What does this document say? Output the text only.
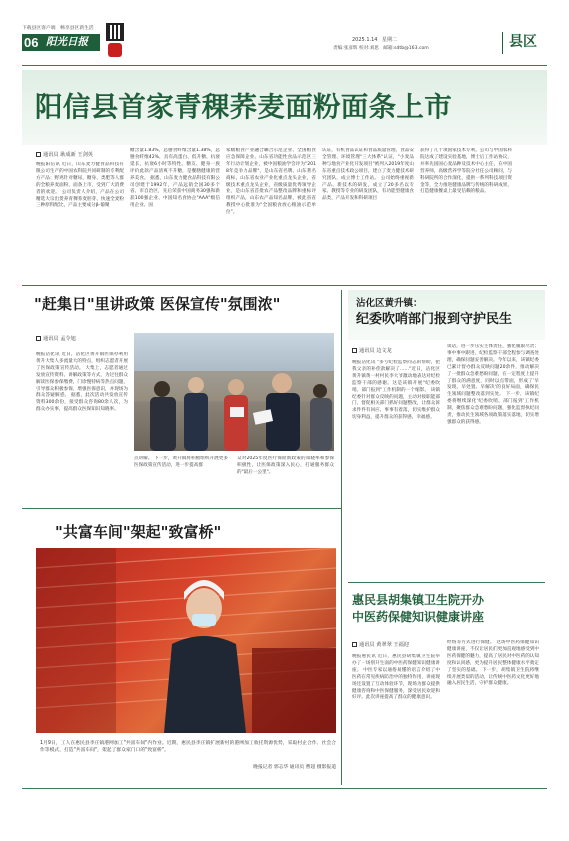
下载县区客户端 畅享县区新生活
06 阳光日报	2025.1.14 星期二
责编:张彦辉 校对:刘思 邮箱:sdtb@163.com	县区
阳信县首家青稞荞麦面粉面条上市
通讯员 耿成新 王剑英
晚报阳信讯 近日，山东麦力健食品科技有限公司生产的中国农科院共同研制的专利配方产品：野鸡针对糖尿，糖身、类肥等人群的全粮养麦面粉、面条上市，受到广大消费者的欢迎。 公司负责人介绍，产品在公司精选大宗出货养青稞荞麦胚芽、快速全麦粉三种原料配比，产品主要成分β-葡聚
糖含量1.83%，总膳食纤维含量1.38%，总膳食纤维42%，具有高蛋白、低升糖、抗衰延长，抗衰6小时等特性。糖友、健身一族评价此款产品清爽不升糖，是餐膳健康的营养美食。 据悉，山东麦力健食品科技有限公司创建于1992年，产品远销全国30多个省、市自治区，先后荣获中国商务30强和新获100强企业、中国知名食协企"AAA"级信用企业、国
家级粮食产业融合聯合示范企业、全国粮食应急保障企业、山东省功能性食品示范区三年行动计划企业，被中国粮油学会评为"2018年竞争力品牌"，是山东省名牌，山东著名商标，山东省农业产业化重点龙头企业，省级技术重点龙头企业，省级质量优秀领导企业，是山东省首批农产品整改品牌和重标评组织产品，山东农产品知名品牌，被此省省教授中心批准为"全国粮食放心粮油示范单位"。
认证，有机食品认证和食品质量管理、食品安全管理、环境管理"三大体系"认证，"小麦品种与地食产业化开发项目"被列入2019年度山东省重点技术政公项目，建立了麦力健技术研究团队，成立博士工作站。 公司始终重视新产品、新技术的研发，成立了20多名以专家、教授等专业的研发团队，有功能型健康食品类，产品开发和科研项目
获得了几十项国家技术专利。公司与中国农科院达成了建设实验基地，博士后工作站协议，并率先国国心麦品种及技术中心主任，在中国营养师，高级营养学等院分社任公司顾问，与科研院所的合作深化，提供一系列科技项目资金等，全力推进健康品牌与传统的科研成果，打造健康餐桌上最受信赖的粮品。
"赶集日"里讲政策 医保宣传"氛围浓"
通讯员 孟令旭
晚报沾化讯 近日，沾化区黄升镇医保办利用黄升大集人多流量大的特点，组织志愿者开展了医保政策宣传活动。 大集上，志愿者通过发放宣传资料、讲解政策等方式，为过往群众解读医保参保缴费、门诊慢特病等热点问题，引导群众积极参保，增强医保意识，并现场为群众答疑解惑。 据悉，此次活动共发放宣传资料300余份，接受群众咨询80余人次，为群众办实事，提高群众医保知识知晓率。
点讲解。 下一步，黄升镇将积极组织开展更多医保政策宣传活动，进一步提高群
众对2025年度医疗保险新政策的知晓率和参保积极性，让医保政策深入民心，打通服务群众的"最后一公里"。
"共富车间"架起"致富桥"
1月9日，工人在惠民县李庄镇港网加工"共富车间"内作业。近期，惠民县李庄镇扩展新村的港网加工收托资源优势，采取村企合作、社会合作等模式，打造"共富车间"，架起了群众家门口的"致富桥"。
晚报记者 郭志华 通讯员 曹超 摄影报道
沾化区黄升镇：
纪委吹哨部门报到守护民生
通讯员 边文龙
晚报沾化讯 "多亏纪检监察同志的帮助，把我父亲的补偿款解决了……"近日，沾化区黄升镇黄一村村民李大爷激动地表达对纪检监察干部的感谢。这是该镇开展"纪委吹哨、部门报到"工作机制的一个缩影。 该镇纪委针对群众反映的问题，主动对接职能部门，督促相关部门抓好问题整改，让群众诉求件件有回应、事事有着落，切实维护群众切身利益，提升群众的获得感、幸福感。
谈话，进一步压实主体责任，强化履职尽责；事中事中跟进，纪检监察干部全程参与调查处理，确保问题妥善解决。今年以来，该镇纪委已累计督办群众反映问题20余件，推动解决了一批群众急难愁盼问题，在一定程度上提升了群众的满意度，同时以点带面，形成了'早发现、早处置、早解决'的良好局面，确保民生领域问题整改落到实处。 下一步，该镇纪委将继续深化'纪委吹哨、部门报到'工作机制，聚焦群众急难愁盼问题，强化监督执纪问责，推动民生领域各项政策落实落地，切实增强群众的获得感。
惠民县胡集镇卫生院开办
中医药保健知识健康讲座
通讯员 黄翠翠 王福迎
晚报惠民讯 近日，惠民县胡集镇卫生院举办了一场别开生面的中医药保健知识健康讲座。 中医专家以通俗易懂的语言介绍了中医药在常见疾病防治中的独特作用，讲座现场还设置了互动体验环节，现场为群众提供健康咨询和中医保健服务，深受居民欢迎和好评。此次讲座提高了群众的健康意识。
经络等方式进行保健。 这场中医药保健知识健康讲座，不仅让居民们更加直观地感受到中医药保健的魅力，提高了居民对中医药的认知度和认同感，更为提升居民整体健康水平奠定了坚实的基础。 下一步，胡集镇卫生院将继续开展类似的活动，让传统中医药文化更好地融入居民生活，守护群众健康。
